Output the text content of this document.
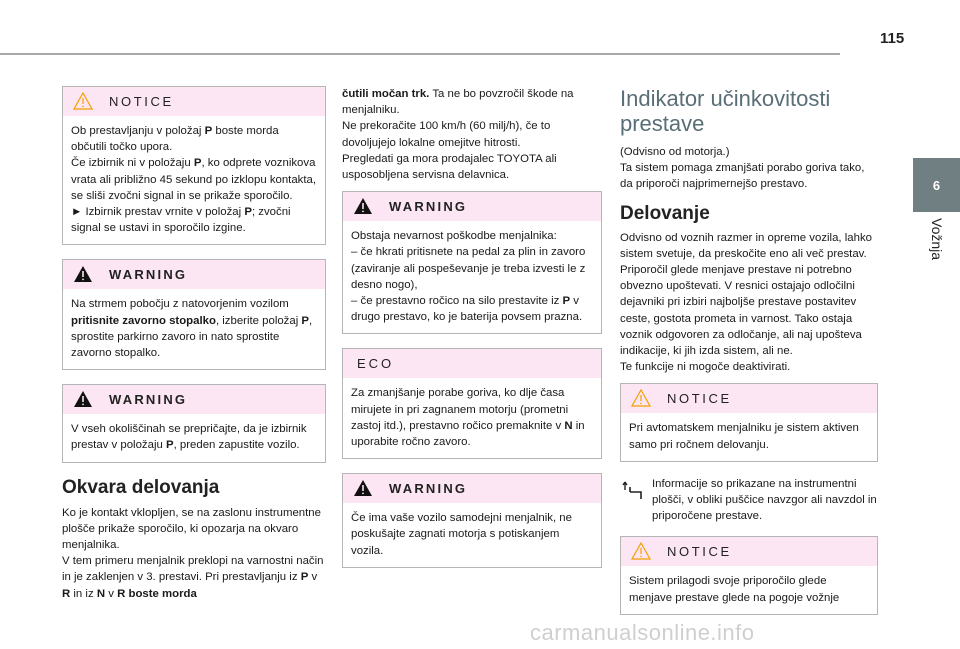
115
6
Vožnja
NOTICE

Ob prestavljanju v položaj P boste morda občutili točko upora.

Če izbirnik ni v položaju P, ko odprete voznikova vrata ali približno 45 sekund po izklopu kontakta, se sliši zvočni signal in se prikaže sporočilo.

► Izbirnik prestav vrnite v položaj P; zvočni signal se ustavi in sporočilo izgine.

WARNING

Na strmem pobočju z natovorjenim vozilom pritisnite zavorno stopalko, izberite položaj P, sprostite parkirno zavoro in nato sprostite zavorno stopalko.

WARNING

V vseh okoliščinah se prepričajte, da je izbirnik prestav v položaju P, preden zapustite vozilo.

Okvara delovanja

Ko je kontakt vklopljen, se na zaslonu instrumentne plošče prikaže sporočilo, ki opozarja na okvaro menjalnika.

V tem primeru menjalnik preklopi na varnostni način in je zaklenjen v 3. prestavi. Pri prestavljanju iz P v R in iz N v R boste morda

čutili močan trk. Ta ne bo povzročil škode na menjalniku.

Ne prekoračite 100 km/h (60 milj/h), če to dovoljujejo lokalne omejitve hitrosti.

Pregledati ga mora prodajalec TOYOTA ali usposobljena servisna delavnica.

WARNING

Obstaja nevarnost poškodbe menjalnika:

– če hkrati pritisnete na pedal za plin in zavoro (zaviranje ali pospeševanje je treba izvesti le z desno nogo),

– če prestavno ročico na silo prestavite iz P v drugo prestavo, ko je baterija povsem prazna.

ECO

Za zmanjšanje porabe goriva, ko dlje časa mirujete in pri zagnanem motorju (prometni zastoj itd.), prestavno ročico premaknite v N in uporabite ročno zavoro.

WARNING

Če ima vaše vozilo samodejni menjalnik, ne poskušajte zagnati motorja s potiskanjem vozila.

Indikator učinkovitosti prestave

(Odvisno od motorja.)

Ta sistem pomaga zmanjšati porabo goriva tako, da priporoči najprimernejšo prestavo.

Delovanje

Odvisno od voznih razmer in opreme vozila, lahko sistem svetuje, da preskočite eno ali več prestav.

Priporočil glede menjave prestave ni potrebno obvezno upoštevati. V resnici ostajajo odločilni dejavniki pri izbiri najboljše prestave postavitev ceste, gostota prometa in varnost. Tako ostaja voznik odgovoren za odločanje, ali naj upošteva indikacije, ki jih izda sistem, ali ne.

Te funkcije ni mogoče deaktivirati.

NOTICE

Pri avtomatskem menjalniku je sistem aktiven samo pri ročnem delovanju.

Informacije so prikazane na instrumentni plošči, v obliki puščice navzgor ali navzdol in priporočene prestave.

NOTICE

Sistem prilagodi svoje priporočilo glede menjave prestave glede na pogoje vožnje

carmanualsonline.info
